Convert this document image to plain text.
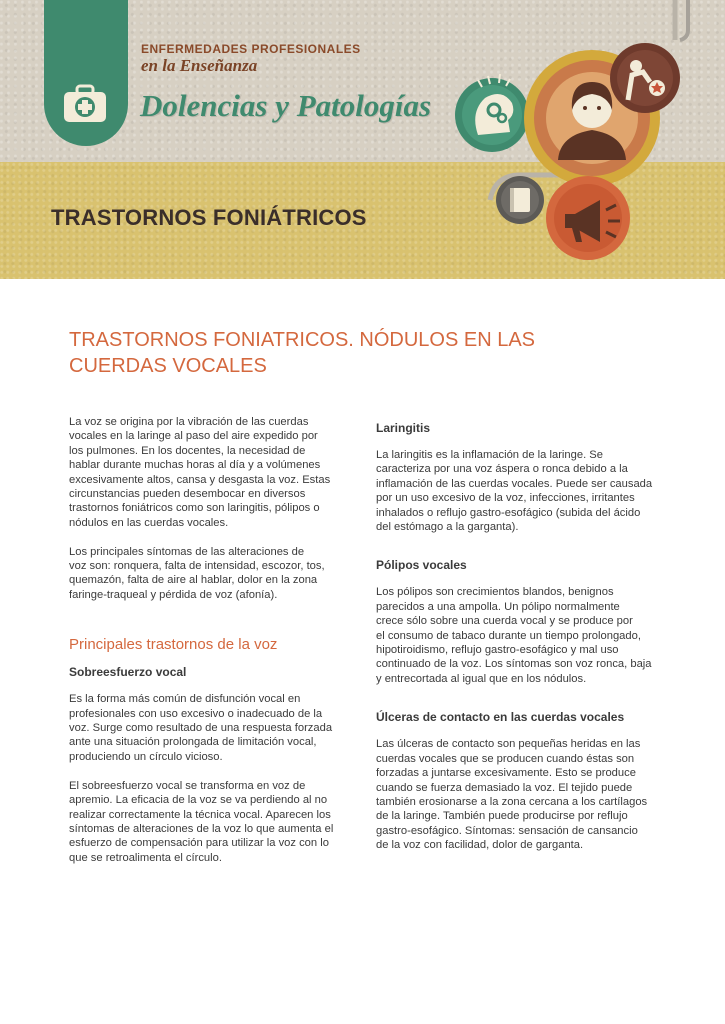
ENFERMEDADES PROFESIONALES
en la Enseñanza
Dolencias y Patologías
TRASTORNOS FONIÁTRICOS
TRASTORNOS FONIATRICOS. NÓDULOS EN LAS CUERDAS VOCALES

La voz se origina por la vibración de las cuerdas
vocales en la laringe al paso del aire expedido por
los pulmones. En los docentes, la necesidad de
hablar durante muchas horas al día y a volúmenes
excesivamente altos, cansa y desgasta la voz. Estas
circunstancias pueden desembocar en diversos
trastornos foniátricos como son laringitis, pólipos o
nódulos en las cuerdas vocales.

Los principales síntomas de las alteraciones de
voz son: ronquera, falta de intensidad, escozor, tos,
quemazón, falta de aire al hablar, dolor en la zona
faringe-traqueal y pérdida de voz (afonía).

Principales trastornos de la voz
Sobreesfuerzo vocal

Es la forma más común de disfunción vocal en
profesionales con uso excesivo o inadecuado de la
voz. Surge como resultado de una respuesta forzada
ante una situación prolongada de limitación vocal,
produciendo un círculo vicioso.

El sobreesfuerzo vocal se transforma en voz de
apremio. La eficacia de la voz se va perdiendo al no
realizar correctamente la técnica vocal. Aparecen los
síntomas de alteraciones de la voz lo que aumenta el
esfuerzo de compensación para utilizar la voz con lo
que se retroalimenta el círculo.

Laringitis

La laringitis es la inflamación de la laringe. Se
caracteriza por una voz áspera o ronca debido a la
inflamación de las cuerdas vocales. Puede ser causada
por un uso excesivo de la voz, infecciones, irritantes
inhalados o reflujo gastro-esofágico (subida del ácido
del estómago a la garganta).

Pólipos vocales

Los pólipos son crecimientos blandos, benignos
parecidos a una ampolla. Un pólipo normalmente
crece sólo sobre una cuerda vocal y se produce por
el consumo de tabaco durante un tiempo prolongado,
hipotiroidismo, reflujo gastro-esofágico y mal uso
continuado de la voz. Los síntomas son voz ronca, baja
y entrecortada al igual que en los nódulos.

Úlceras de contacto en las cuerdas vocales

Las úlceras de contacto son pequeñas heridas en las
cuerdas vocales que se producen cuando éstas son
forzadas a juntarse excesivamente. Esto se produce
cuando se fuerza demasiado la voz. El tejido puede
también erosionarse a la zona cercana a los cartílagos
de la laringe. También puede producirse por reflujo
gastro-esofágico. Síntomas: sensación de cansancio
de la voz con facilidad, dolor de garganta.
